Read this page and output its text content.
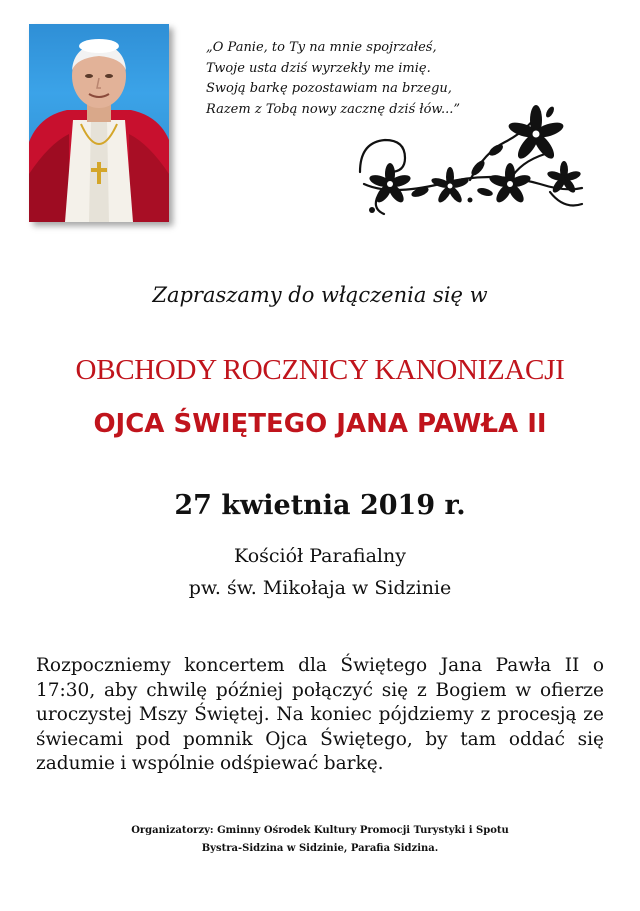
„O Panie, to Ty na mnie spojrzałeś,
Twoje usta dziś wyrzekły me imię.
Swoją barkę pozostawiam na brzegu,
Razem z Tobą nowy zacznę dziś łów...”
Zapraszamy do włączenia się w
OBCHODY ROCZNICY KANONIZACJI
OJCA ŚWIĘTEGO JANA PAWŁA II
27 kwietnia 2019 r.
Kościół Parafialny
pw. św. Mikołaja w Sidzinie
Rozpoczniemy koncertem dla Świętego Jana Pawła II o 17:30, aby chwilę później połączyć się z Bogiem w ofierze uroczystej Mszy Świętej. Na koniec pójdziemy z procesją ze świecami pod pomnik Ojca Świętego, by tam oddać się zadumie i wspólnie odśpiewać barkę.
Organizatorzy: Gminny Ośrodek Kultury Promocji Turystyki i Spotu
Bystra-Sidzina w Sidzinie, Parafia Sidzina.
